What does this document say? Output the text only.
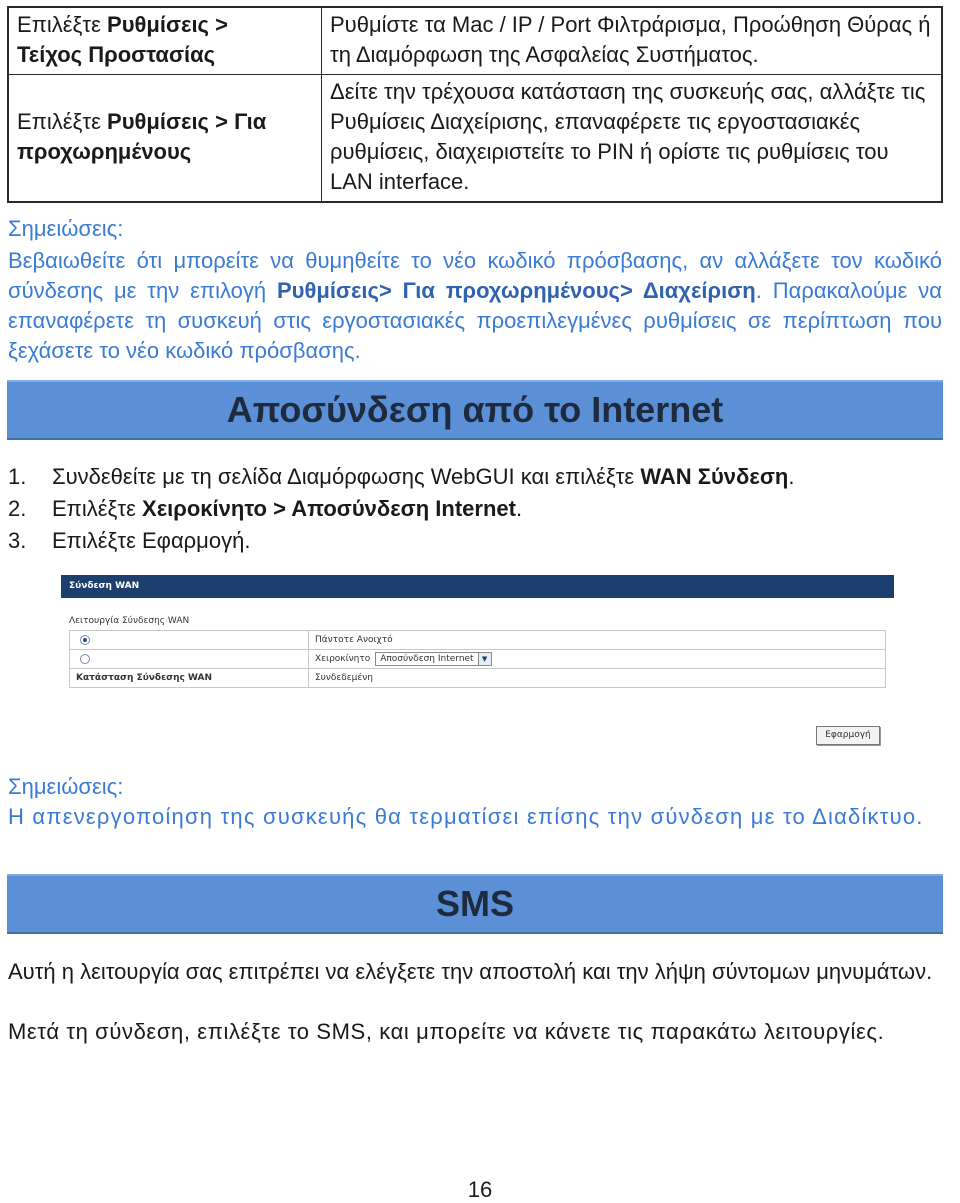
Επιλέξτε Ρυθμίσεις >
Τείχος Προστασίας	Ρυθμίστε τα Mac / IP / Port Φιλτράρισμα, Προώθηση Θύρας ή τη Διαμόρφωση της Ασφαλείας Συστήματος.
Επιλέξτε Ρυθμίσεις > Για
προχωρημένους	Δείτε την τρέχουσα κατάσταση της συσκευής σας, αλλάξτε τις Ρυθμίσεις Διαχείρισης, επαναφέρετε τις εργοστασιακές ρυθμίσεις, διαχειριστείτε το PIN ή ορίστε τις ρυθμίσεις του LAN interface.
Σημειώσεις:
Βεβαιωθείτε ότι μπορείτε να θυμηθείτε το νέο κωδικό πρόσβασης, αν αλλάξετε τον κωδικό σύνδεσης με την επιλογή Ρυθμίσεις> Για προχωρημένους> Διαχείριση. Παρακαλούμε να επαναφέρετε τη συσκευή στις εργοστασιακές προεπιλεγμένες ρυθμίσεις σε περίπτωση που ξεχάσετε το νέο κωδικό πρόσβασης.
Αποσύνδεση από το Internet
1.	Συνδεθείτε με τη σελίδα Διαμόρφωσης WebGUI και επιλέξτε WAN Σύνδεση.
2.	Επιλέξτε Χειροκίνητο > Αποσύνδεση Internet.
3.	Επιλέξτε Εφαρμογή.
Σύνδεση WAN
Λειτουργία Σύνδεσης WAN
	Πάντοτε Ανοιχτό
	Χειροκίνητο Αποσύνδεση Internet ▼

Κατάσταση Σύνδεσης WAN	Συνδεδεμένη
Εφαρμογή
Σημειώσεις:
Η απενεργοποίηση της συσκευής θα τερματίσει επίσης την σύνδεση με το Διαδίκτυο.
SMS
Αυτή η λειτουργία σας επιτρέπει να ελέγξετε την αποστολή και την λήψη σύντομων μηνυμάτων.
Μετά τη σύνδεση, επιλέξτε το SMS, και μπορείτε να κάνετε τις παρακάτω λειτουργίες.
16
